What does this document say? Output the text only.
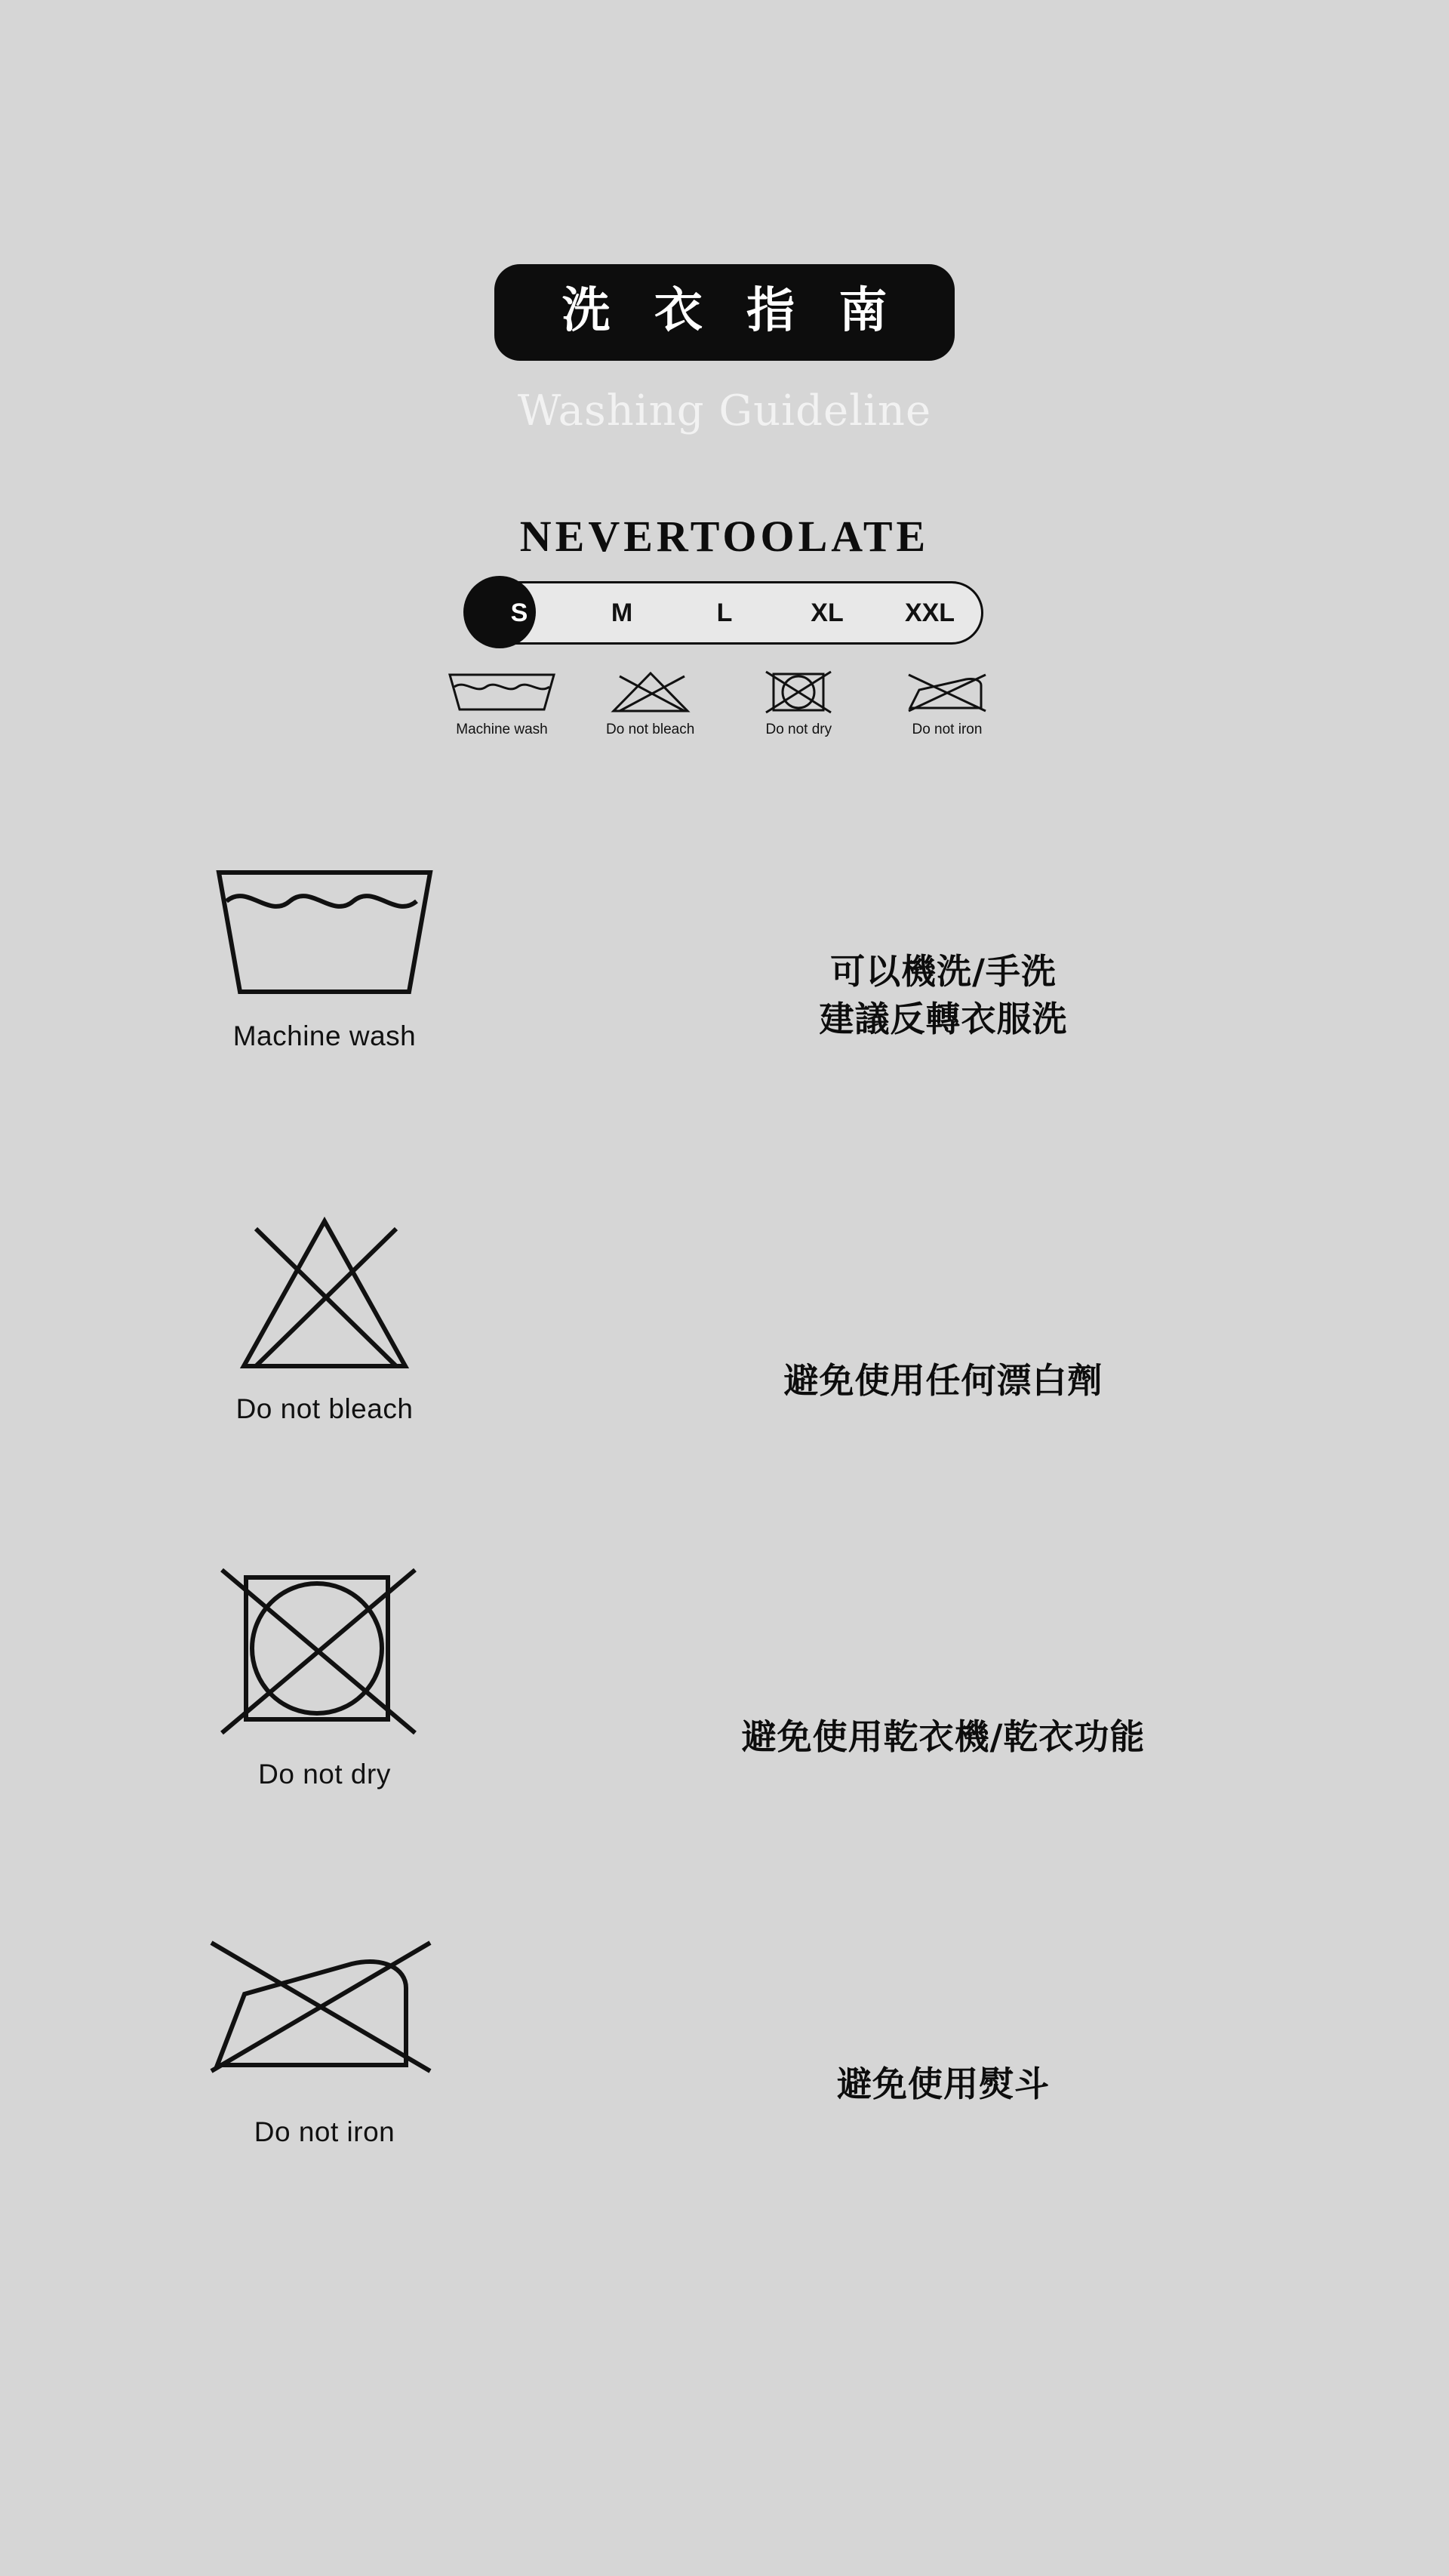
洗 衣 指 南
Washing Guideline
NEVERTOOLATE
S	M	L	XL	XXL
Machine wash	Do not bleach	Do not dry	Do not iron
Machine wash
可以機洗/手洗
建議反轉衣服洗
Do not bleach
避免使用任何漂白劑
Do not dry
避免使用乾衣機/乾衣功能
Do not iron
避免使用熨斗
